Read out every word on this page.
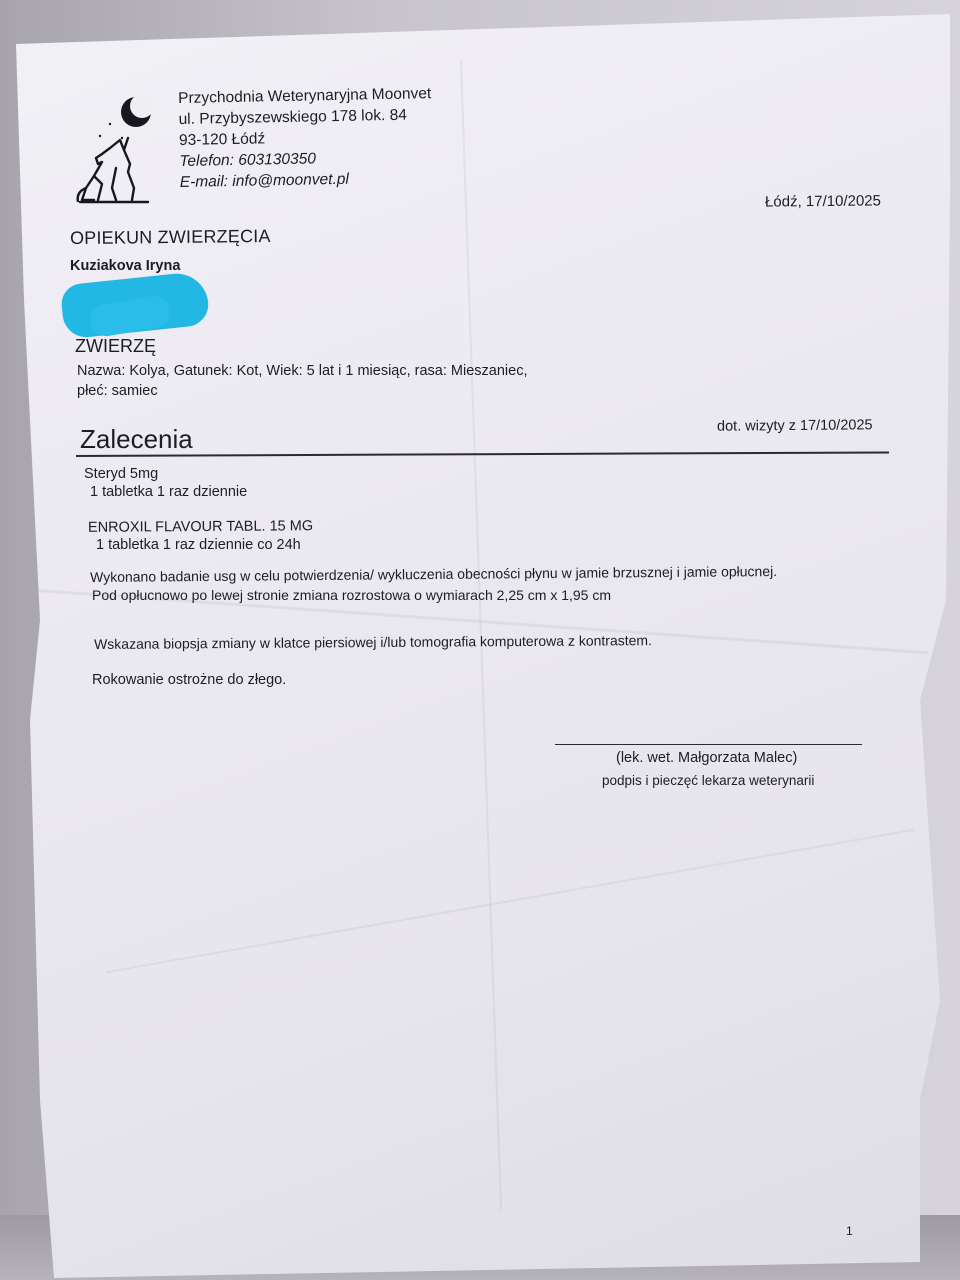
Przychodnia Weterynaryjna Moonvet
ul. Przybyszewskiego 178 lok. 84
93-120 Łódź
Telefon: 603130350
E-mail: info@moonvet.pl
Łódź, 17/10/2025
OPIEKUN ZWIERZĘCIA
Kuziakova Iryna
ZWIERZĘ
Nazwa: Kolya, Gatunek: Kot, Wiek: 5 lat i 1 miesiąc, rasa: Mieszaniec,
płeć: samiec
dot. wizyty z 17/10/2025
Zalecenia
Steryd 5mg
1 tabletka 1 raz dziennie
ENROXIL FLAVOUR TABL. 15 MG
1 tabletka 1 raz dziennie co 24h
Wykonano badanie usg w celu potwierdzenia/ wykluczenia obecności płynu w jamie brzusznej i jamie opłucnej.
Pod opłucnowo po lewej stronie zmiana rozrostowa o wymiarach 2,25 cm x 1,95 cm
Wskazana biopsja zmiany w klatce piersiowej i/lub tomografia komputerowa z kontrastem.
Rokowanie ostrożne do złego.
(lek. wet. Małgorzata Malec)
podpis i pieczęć lekarza weterynarii
1
